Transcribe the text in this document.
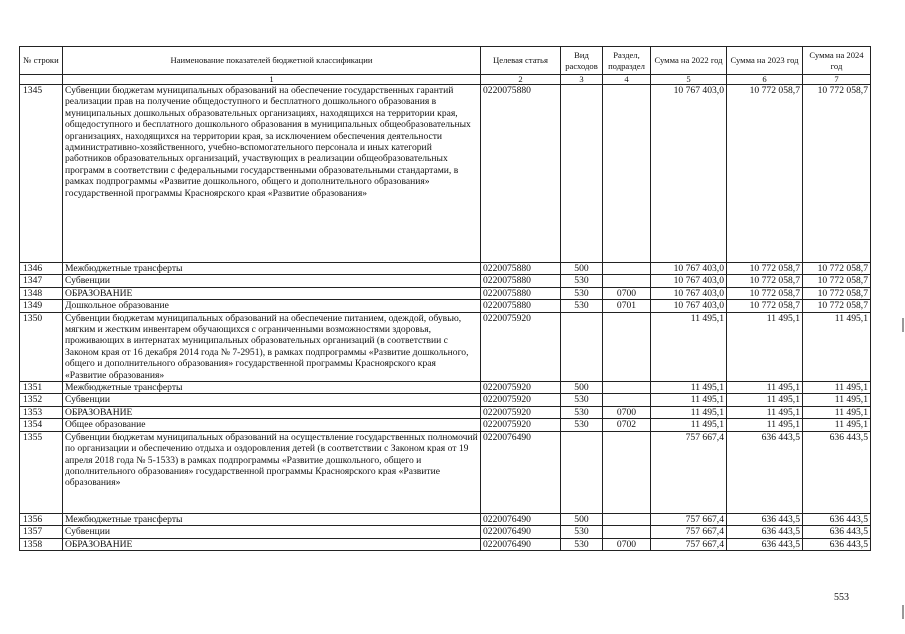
№ строки	Наименование показателей бюджетной классификации	Целевая статья	Вид расходов	Раздел, подраздел	Сумма на 2022 год	Сумма на 2023 год	Сумма на 2024 год
	1	2	3	4	5	6	7
1345	Субвенции бюджетам муниципальных образований на обеспечение государственных гарантий реализации прав на получение общедоступного и бесплатного дошкольного образования в муниципальных дошкольных образовательных организациях, находящихся на территории края, общедоступного и бесплатного дошкольного образования в муниципальных общеобразовательных организациях, находящихся на территории края, за исключением обеспечения деятельности административно-хозяйственного, учебно-вспомогательного персонала и иных категорий работников образовательных организаций, участвующих в реализации общеобразовательных программ в соответствии с федеральными государственными образовательными стандартами, в рамках подпрограммы «Развитие дошкольного, общего и дополнительного образования» государственной программы Красноярского края «Развитие образования»	0220075880			10 767 403,0	10 772 058,7	10 772 058,7
1346	Межбюджетные трансферты	0220075880	500		10 767 403,0	10 772 058,7	10 772 058,7
1347	Субвенции	0220075880	530		10 767 403,0	10 772 058,7	10 772 058,7
1348	ОБРАЗОВАНИЕ	0220075880	530	0700	10 767 403,0	10 772 058,7	10 772 058,7
1349	Дошкольное образование	0220075880	530	0701	10 767 403,0	10 772 058,7	10 772 058,7
1350	Субвенции бюджетам муниципальных образований на обеспечение питанием, одеждой, обувью, мягким и жестким инвентарем обучающихся с ограниченными возможностями здоровья, проживающих в интернатах муниципальных образовательных организаций (в соответствии с Законом края от 16 декабря 2014 года № 7-2951), в рамках подпрограммы «Развитие дошкольного, общего и дополнительного образования» государственной программы Красноярского края «Развитие образования»	0220075920			11 495,1	11 495,1	11 495,1
1351	Межбюджетные трансферты	0220075920	500		11 495,1	11 495,1	11 495,1
1352	Субвенции	0220075920	530		11 495,1	11 495,1	11 495,1
1353	ОБРАЗОВАНИЕ	0220075920	530	0700	11 495,1	11 495,1	11 495,1
1354	Общее образование	0220075920	530	0702	11 495,1	11 495,1	11 495,1
1355	Субвенции бюджетам муниципальных образований на осуществление государственных полномочий по организации и обеспечению отдыха и оздоровления детей (в соответствии с Законом края от 19 апреля 2018 года № 5-1533) в рамках подпрограммы «Развитие дошкольного, общего и дополнительного образования» государственной программы Красноярского края «Развитие образования»	0220076490			757 667,4	636 443,5	636 443,5
1356	Межбюджетные трансферты	0220076490	500		757 667,4	636 443,5	636 443,5
1357	Субвенции	0220076490	530		757 667,4	636 443,5	636 443,5
1358	ОБРАЗОВАНИЕ	0220076490	530	0700	757 667,4	636 443,5	636 443,5
553
